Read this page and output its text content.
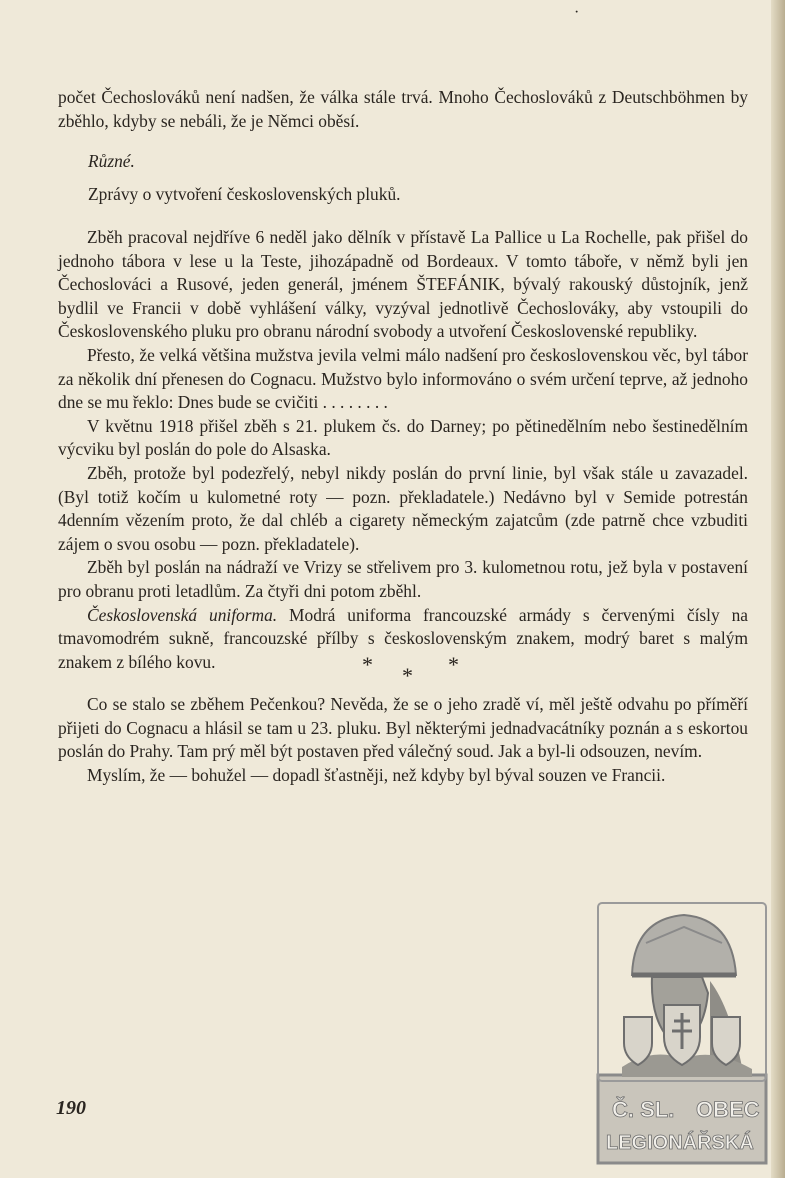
·

počet Čechoslováků není nadšen, že válka stále trvá. Mnoho Čechoslováků z Deutschböhmen by zběhlo, kdyby se nebáli, že je Němci oběsí.

Různé.

Zprávy o vytvoření československých pluků.

Zběh pracoval nejdříve 6 neděl jako dělník v přístavě La Pallice u La Rochelle, pak přišel do jednoho tábora v lese u la Teste, jihozápadně od Bordeaux. V tomto táboře, v němž byli jen Čechoslováci a Rusové, jeden generál, jménem ŠTEFÁNIK, bývalý rakouský důstojník, jenž bydlil ve Francii v době vyhlášení války, vyzýval jednotlivě Čechoslováky, aby vstoupili do Československého pluku pro obranu národní svobody a utvoření Československé republiky.

Přesto, že velká většina mužstva jevila velmi málo nadšení pro československou věc, byl tábor za několik dní přenesen do Cognacu. Mužstvo bylo informováno o svém určení teprve, až jednoho dne se mu řeklo: Dnes bude se cvičiti . . . . . . . .

V květnu 1918 přišel zběh s 21. plukem čs. do Darney; po pětinedělním nebo šestinedělním výcviku byl poslán do pole do Alsaska.

Zběh, protože byl podezřelý, nebyl nikdy poslán do první linie, byl však stále u zavazadel. (Byl totiž kočím u kulometné roty — pozn. překladatele.) Nedávno byl v Semide potrestán 4denním vězením proto, že dal chléb a cigarety německým zajatcům (zde patrně chce vzbuditi zájem o svou osobu — pozn. překladatele).

Zběh byl poslán na nádraží ve Vrizy se střelivem pro 3. kulometnou rotu, jež byla v postavení pro obranu proti letadlům. Za čtyři dni potom zběhl.

Československá uniforma. Modrá uniforma francouzské armády s červenými čísly na tmavomodrém sukně, francouzské přílby s československým znakem, modrý baret s malým znakem z bílého kovu.	* * *

Co se stalo se zběhem Pečenkou? Nevěda, že se o jeho zradě ví, měl ještě odvahu po příměří přijeti do Cognacu a hlásil se tam u 23. pluku. Byl některými jednadvacátníky poznán a s eskortou poslán do Prahy. Tam prý měl být postaven před válečný soud. Jak a byl-li odsouzen, nevím.

Myslím, že — bohužel — dopadl šťastněji, než kdyby byl býval souzen ve Francii.

190	Č. SL. OBEC
LEGIONÁŘSKÁ
